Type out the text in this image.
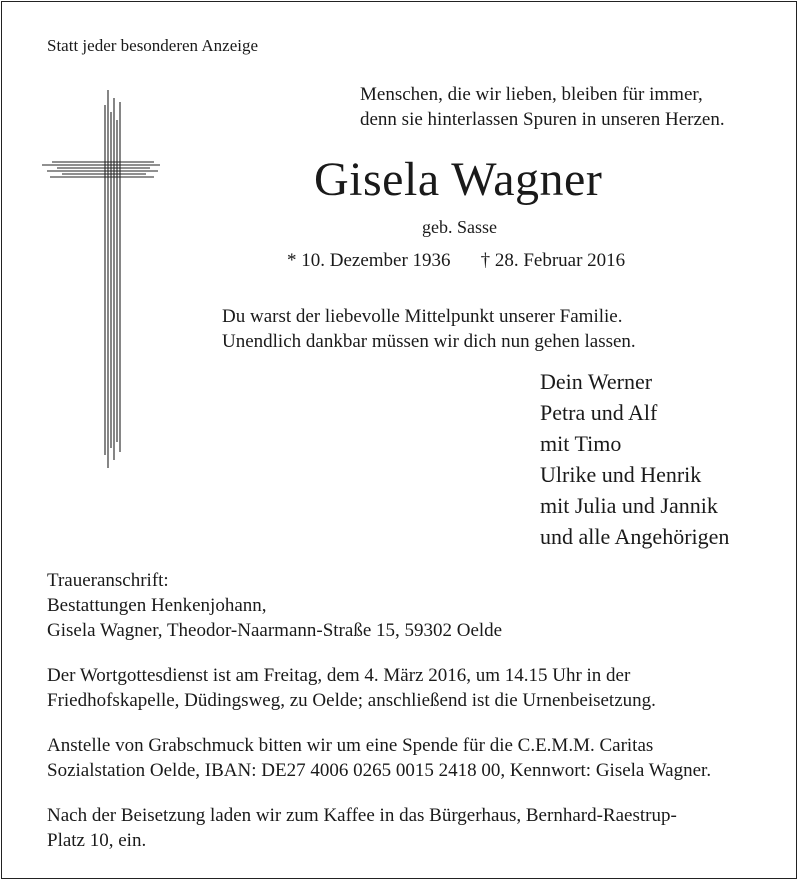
Statt jeder besonderen Anzeige
Menschen, die wir lieben, bleiben für immer,
denn sie hinterlassen Spuren in unseren Herzen.
Gisela Wagner
geb. Sasse
* 10. Dezember 1936 † 28. Februar 2016
Du warst der liebevolle Mittelpunkt unserer Familie.
Unendlich dankbar müssen wir dich nun gehen lassen.
Dein Werner
Petra und Alf
mit Timo
Ulrike und Henrik
mit Julia und Jannik
und alle Angehörigen
Traueranschrift:
Bestattungen Henkenjohann,
Gisela Wagner, Theodor-Naarmann-Straße 15, 59302 Oelde
Der Wortgottesdienst ist am Freitag, dem 4. März 2016, um 14.15 Uhr in der
Friedhofskapelle, Düdingsweg, zu Oelde; anschließend ist die Urnenbeisetzung.
Anstelle von Grabschmuck bitten wir um eine Spende für die C.E.M.M. Caritas
Sozialstation Oelde, IBAN: DE27 4006 0265 0015 2418 00, Kennwort: Gisela Wagner.
Nach der Beisetzung laden wir zum Kaffee in das Bürgerhaus, Bernhard-Raestrup-
Platz 10, ein.
